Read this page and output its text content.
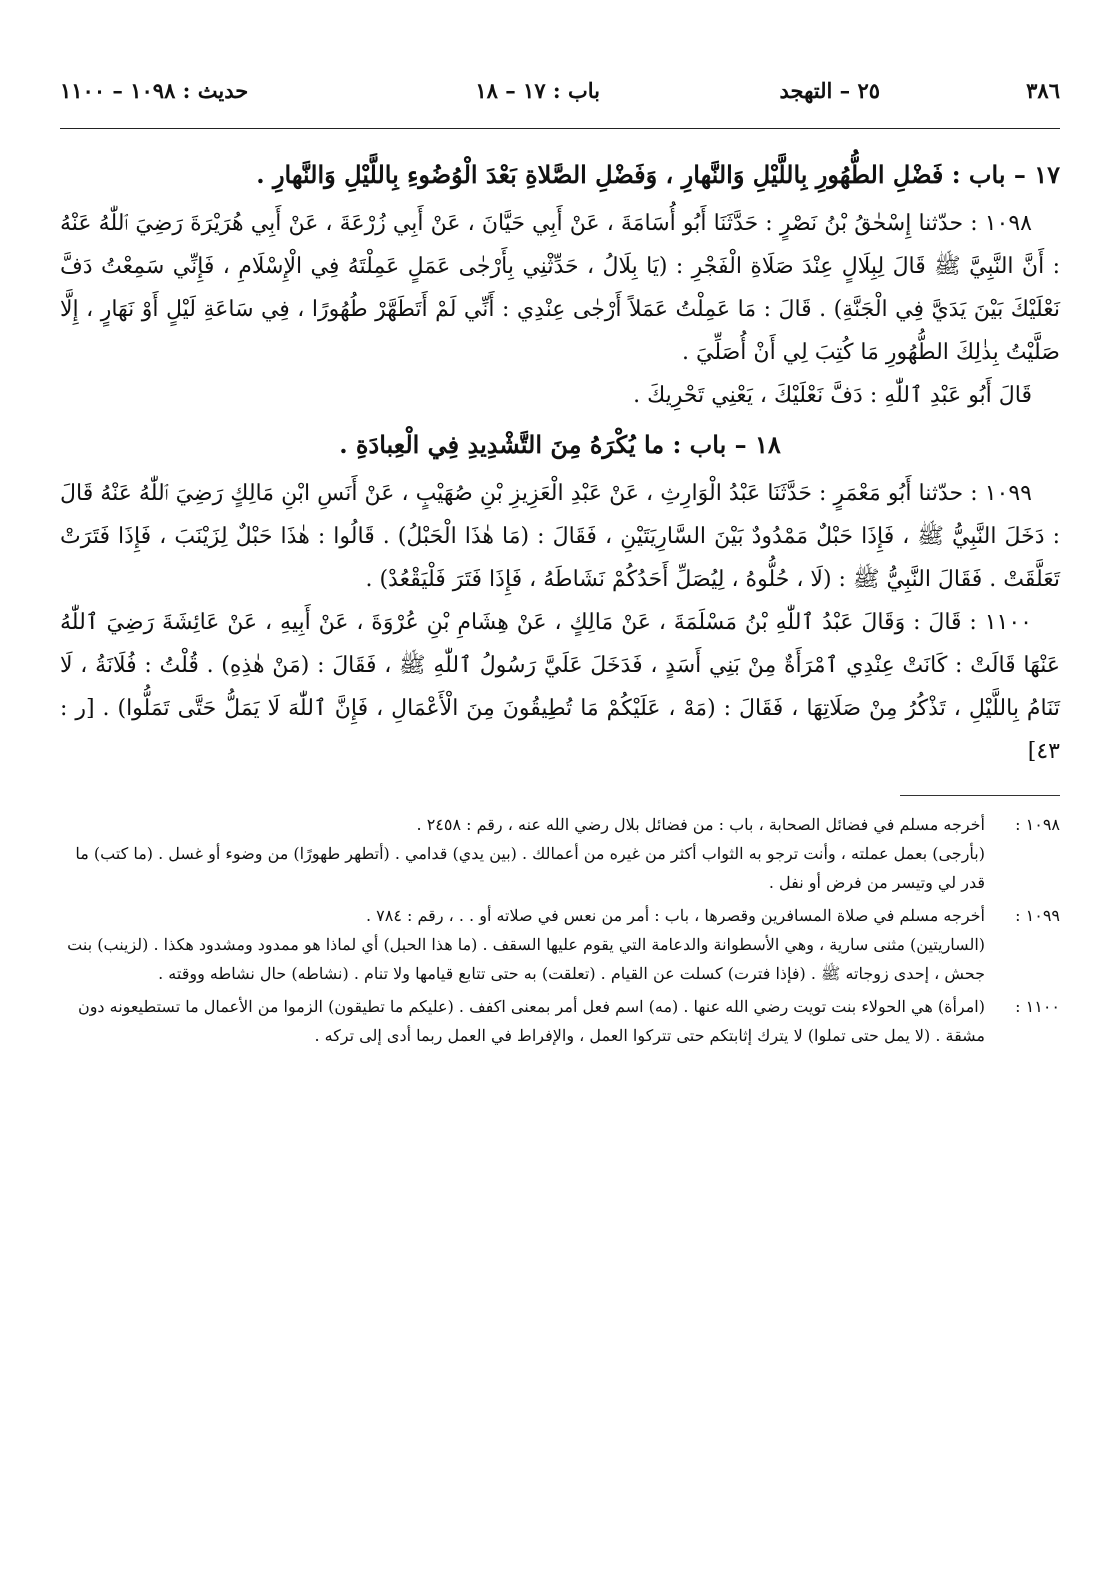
٣٨٦
٢٥ – التهجد
باب : ١٧ – ١٨
حديث : ١٠٩٨ – ١١٠٠
١٧ – باب : فَضْلِ الطُّهُورِ بِاللَّيْلِ وَالنَّهارِ ، وَفَضْلِ الصَّلاةِ بَعْدَ الْوُضُوءِ بِاللَّيْلِ وَالنَّهارِ .

١٠٩٨ : حدّثنا إِسْحٰقُ بْنُ نَصْرٍ : حَدَّثَنَا أَبُو أُسَامَةَ ، عَنْ أَبِي حَيَّانَ ، عَنْ أَبِي زُرْعَةَ ، عَنْ أَبِي هُرَيْرَةَ رَضِيَ ٱللّٰهُ عَنْهُ : أَنَّ النَّبِيَّ ﷺ قَالَ لِبِلَالٍ عِنْدَ صَلَاةِ الْفَجْرِ : (يَا بِلَالُ ، حَدِّثْنِي بِأَرْجٰى عَمَلٍ عَمِلْتَهُ فِي الْإِسْلَامِ ، فَإِنِّي سَمِعْتُ دَفَّ نَعْلَيْكَ بَيْنَ يَدَيَّ فِي الْجَنَّةِ) . قَالَ : مَا عَمِلْتُ عَمَلاً أَرْجٰى عِنْدِي : أَنِّي لَمْ أَتَطَهَّرْ طُهُورًا ، فِي سَاعَةِ لَيْلٍ أَوْ نَهَارٍ ، إِلَّا صَلَّيْتُ بِذٰلِكَ الطُّهُورِ مَا كُتِبَ لِي أَنْ أُصَلِّيَ .

قَالَ أَبُو عَبْدِ ٱللّٰهِ : دَفَّ نَعْلَيْكَ ، يَعْنِي تَحْرِيكَ .

١٨ – باب : ما يُكْرَهُ مِنَ التَّشْدِيدِ فِي الْعِبادَةِ .

١٠٩٩ : حدّثنا أَبُو مَعْمَرٍ : حَدَّثَنَا عَبْدُ الْوَارِثِ ، عَنْ عَبْدِ الْعَزِيزِ بْنِ صُهَيْبٍ ، عَنْ أَنَسِ ابْنِ مَالِكٍ رَضِيَ ٱللّٰهُ عَنْهُ قَالَ : دَخَلَ النَّبِيُّ ﷺ ، فَإِذَا حَبْلٌ مَمْدُودٌ بَيْنَ السَّارِيَتَيْنِ ، فَقَالَ : (مَا هٰذَا الْحَبْلُ) . قَالُوا : هٰذَا حَبْلٌ لِزَيْنَبَ ، فَإِذَا فَتَرَتْ تَعَلَّقَتْ . فَقَالَ النَّبِيُّ ﷺ : (لَا ، حُلُّوهُ ، لِيُصَلِّ أَحَدُكُمْ نَشَاطَهُ ، فَإِذَا فَتَرَ فَلْيَقْعُدْ) .

١١٠٠ : قَالَ : وَقَالَ عَبْدُ ٱللّٰهِ بْنُ مَسْلَمَةَ ، عَنْ مَالِكٍ ، عَنْ هِشَامِ بْنِ عُرْوَةَ ، عَنْ أَبِيهِ ، عَنْ عَائِشَةَ رَضِيَ ٱللّٰهُ عَنْهَا قَالَتْ : كَانَتْ عِنْدِي ٱمْرَأَةٌ مِنْ بَنِي أَسَدٍ ، فَدَخَلَ عَلَيَّ رَسُولُ ٱللّٰهِ ﷺ ، فَقَالَ : (مَنْ هٰذِهِ) . قُلْتُ : فُلَانَةُ ، لَا تَنَامُ بِاللَّيْلِ ، تَذْكُرُ مِنْ صَلَاتِهَا ، فَقَالَ : (مَهْ ، عَلَيْكُمْ مَا تُطِيقُونَ مِنَ الْأَعْمَالِ ، فَإِنَّ ٱللّٰهَ لَا يَمَلُّ حَتَّى تَمَلُّوا) . [ر : ٤٣]

١٠٩٨ :

أخرجه مسلم في فضائل الصحابة ، باب : من فضائل بلال رضي الله عنه ، رقم : ٢٤٥٨ .

(بأرجى) بعمل عملته ، وأنت ترجو به الثواب أكثر من غيره من أعمالك . (بين يدي) قدامي . (أتطهر طهورًا) من وضوء أو غسل . (ما كتب) ما قدر لي وتيسر من فرض أو نفل .

١٠٩٩ :

أخرجه مسلم في صلاة المسافرين وقصرها ، باب : أمر من نعس في صلاته أو . . ، رقم : ٧٨٤ .

(الساريتين) مثنى سارية ، وهي الأسطوانة والدعامة التي يقوم عليها السقف . (ما هذا الحبل) أي لماذا هو ممدود ومشدود هكذا . (لزينب) بنت جحش ، إحدى زوجاته ﷺ . (فإذا فترت) كسلت عن القيام . (تعلقت) به حتى تتابع قيامها ولا تنام . (نشاطه) حال نشاطه ووقته .

١١٠٠ :

(امرأة) هي الحولاء بنت تويت رضي الله عنها . (مه) اسم فعل أمر بمعنى اكفف . (عليكم ما تطيقون) الزموا من الأعمال ما تستطيعونه دون مشقة . (لا يمل حتى تملوا) لا يترك إثابتكم حتى تتركوا العمل ، والإفراط في العمل ربما أدى إلى تركه .
